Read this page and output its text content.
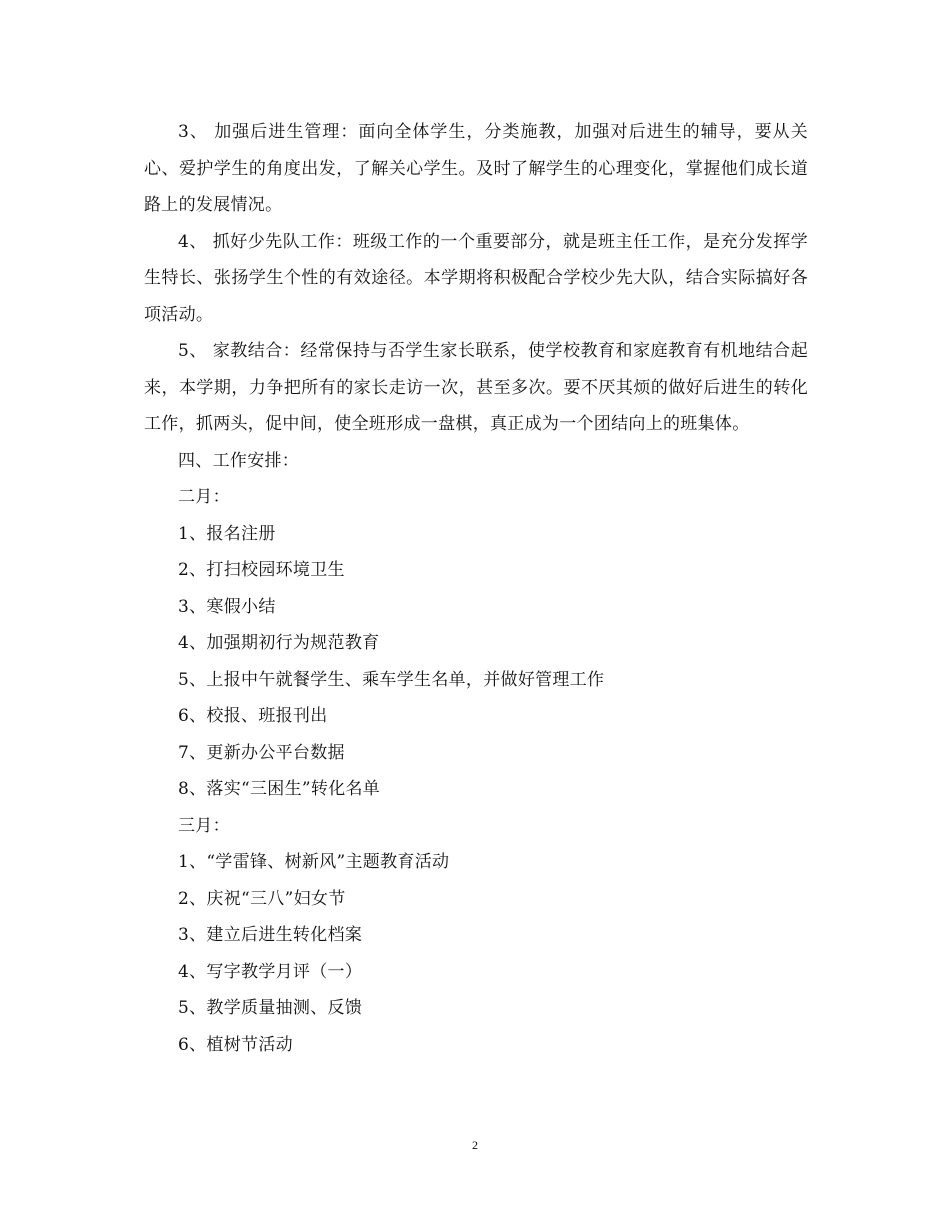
3、 加强后进生管理：面向全体学生，分类施教，加强对后进生的辅导，要从关心、爱护学生的角度出发，了解关心学生。及时了解学生的心理变化，掌握他们成长道路上的发展情况。

4、 抓好少先队工作：班级工作的一个重要部分，就是班主任工作，是充分发挥学生特长、张扬学生个性的有效途径。本学期将积极配合学校少先大队，结合实际搞好各项活动。

5、 家教结合：经常保持与否学生家长联系，使学校教育和家庭教育有机地结合起来，本学期，力争把所有的家长走访一次，甚至多次。要不厌其烦的做好后进生的转化工作，抓两头，促中间，使全班形成一盘棋，真正成为一个团结向上的班集体。

四、工作安排：

二月：

1、报名注册

2、打扫校园环境卫生

3、寒假小结

4、加强期初行为规范教育

5、上报中午就餐学生、乘车学生名单，并做好管理工作

6、校报、班报刊出

7、更新办公平台数据

8、落实“三困生”转化名单

三月：

1、“学雷锋、树新风”主题教育活动

2、庆祝“三八”妇女节

3、建立后进生转化档案

4、写字教学月评（一）

5、教学质量抽测、反馈

6、植树节活动

2
